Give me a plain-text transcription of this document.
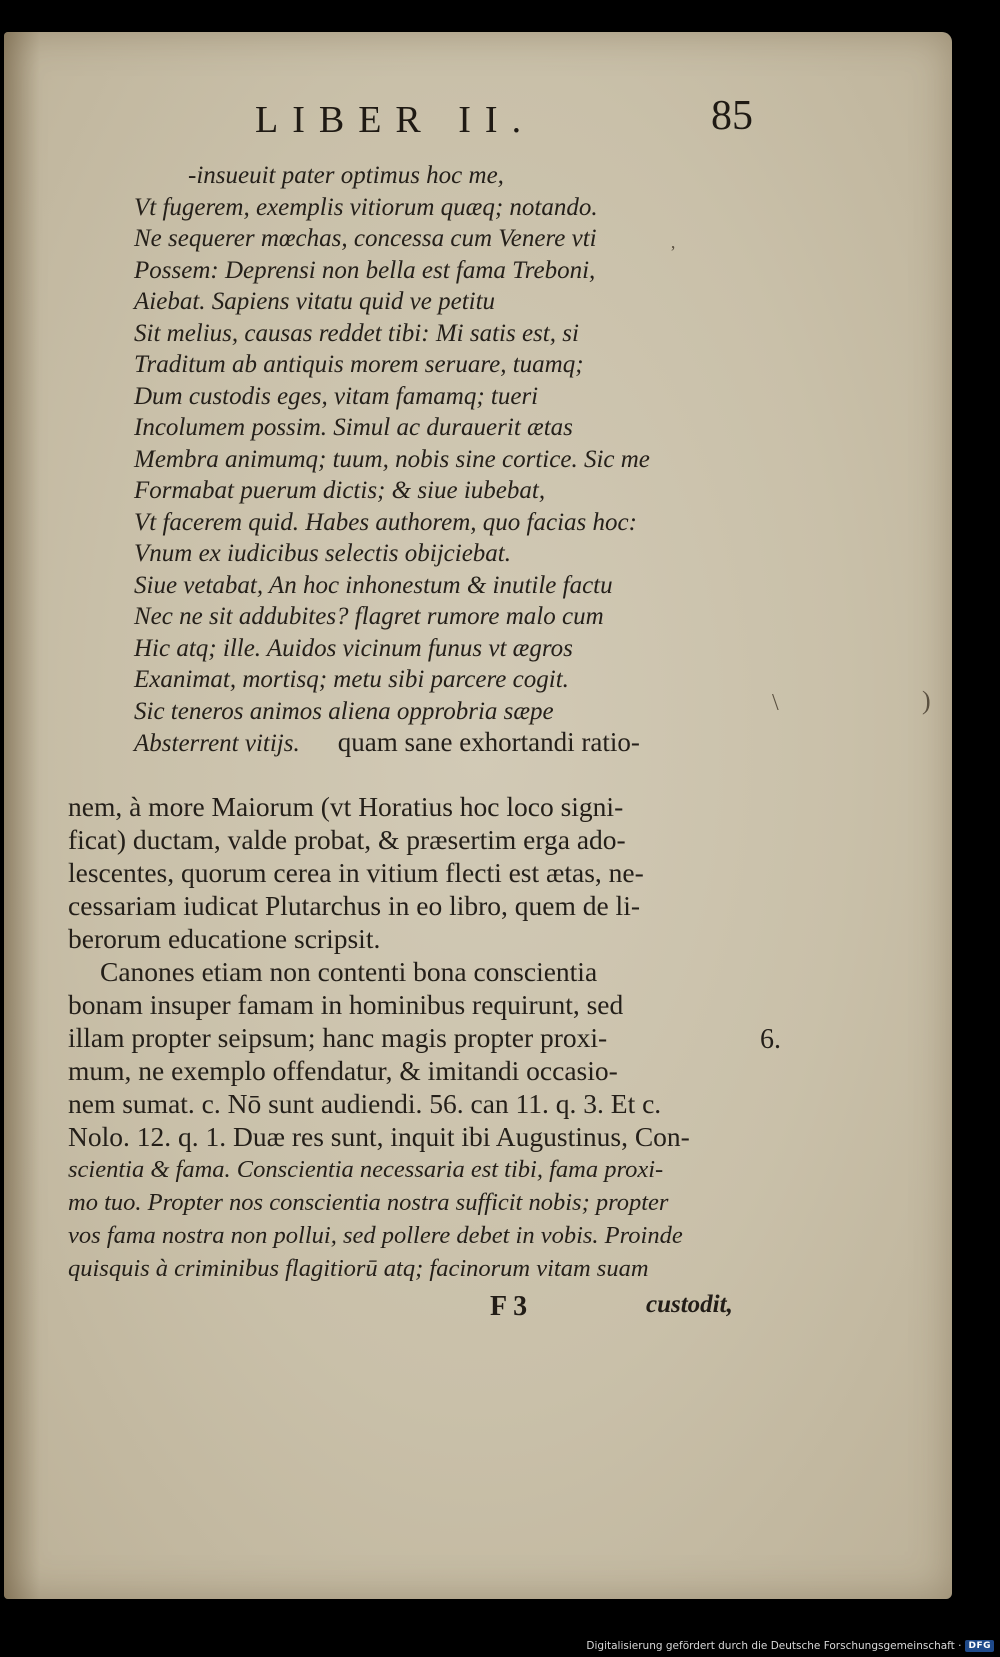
LIBER II.	85
-insueuit pater optimus hoc me,
Vt fugerem, exemplis vitiorum quæq; notando.
Ne sequerer mœchas, concessa cum Venere vti
Possem: Deprensi non bella est fama Treboni,
Aiebat. Sapiens vitatu quid ve petitu
Sit melius, causas reddet tibi: Mi satis est, si
Traditum ab antiquis morem seruare, tuamq;
Dum custodis eges, vitam famamq; tueri
Incolumem possim. Simul ac durauerit ætas
Membra animumq; tuum, nobis sine cortice. Sic me
Formabat puerum dictis; & siue iubebat,
Vt facerem quid. Habes authorem, quo facias hoc:
Vnum ex iudicibus selectis obijciebat.
Siue vetabat, An hoc inhonestum & inutile factu
Nec ne sit addubites? flagret rumore malo cum
Hic atq; ille. Auidos vicinum funus vt ægros
Exanimat, mortisq; metu sibi parcere cogit.
Sic teneros animos aliena opprobria sæpe
Absterrent vitijs. quam sane exhortandi ratio-
nem, à more Maiorum (vt Horatius hoc loco signi-
ficat) ductam, valde probat, & præsertim erga ado-
lescentes, quorum cerea in vitium flecti est ætas, ne-
cessariam iudicat Plutarchus in eo libro, quem de li-
berorum educatione scripsit.
Canones etiam non contenti bona conscientia
bonam insuper famam in hominibus requirunt, sed
illam propter seipsum; hanc magis propter proxi-
mum, ne exemplo offendatur, & imitandi occasio-
nem sumat. c. Nō sunt audiendi. 56. can 11. q. 3. Et c.
Nolo. 12. q. 1. Duæ res sunt, inquit ibi Augustinus, Con-
scientia & fama. Conscientia necessaria est tibi, fama proxi-
mo tuo. Propter nos conscientia nostra sufficit nobis; propter
vos fama nostra non pollui, sed pollere debet in vobis. Proinde
quisquis à criminibus flagitiorū atq; facinorum vitam suam
6.
‚
)
\
F 3	custodit,
Digitalisierung gefördert durch die Deutsche Forschungsgemeinschaft · DFG
